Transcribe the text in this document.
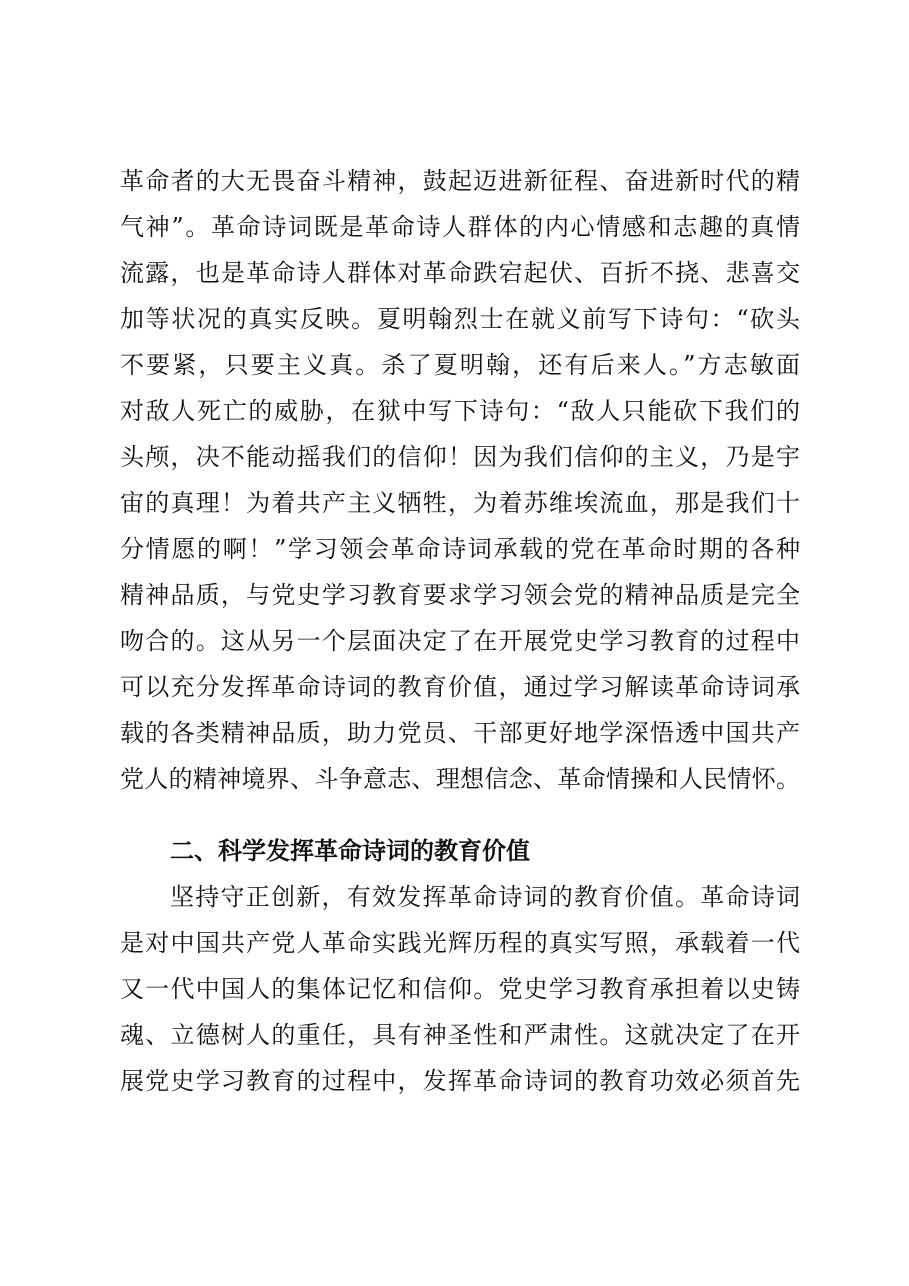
革命者的大无畏奋斗精神，鼓起迈进新征程、奋进新时代的精
气神”。革命诗词既是革命诗人群体的内心情感和志趣的真情
流露，也是革命诗人群体对革命跌宕起伏、百折不挠、悲喜交
加等状况的真实反映。夏明翰烈士在就义前写下诗句：“砍头
不要紧，只要主义真。杀了夏明翰，还有后来人。”方志敏面
对敌人死亡的威胁，在狱中写下诗句：“敌人只能砍下我们的
头颅，决不能动摇我们的信仰！因为我们信仰的主义，乃是宇
宙的真理！为着共产主义牺牲，为着苏维埃流血，那是我们十
分情愿的啊！”学习领会革命诗词承载的党在革命时期的各种
精神品质，与党史学习教育要求学习领会党的精神品质是完全
吻合的。这从另一个层面决定了在开展党史学习教育的过程中
可以充分发挥革命诗词的教育价值，通过学习解读革命诗词承
载的各类精神品质，助力党员、干部更好地学深悟透中国共产
党人的精神境界、斗争意志、理想信念、革命情操和人民情怀。
二、科学发挥革命诗词的教育价值
坚持守正创新，有效发挥革命诗词的教育价值。革命诗词
是对中国共产党人革命实践光辉历程的真实写照，承载着一代
又一代中国人的集体记忆和信仰。党史学习教育承担着以史铸
魂、立德树人的重任，具有神圣性和严肃性。这就决定了在开
展党史学习教育的过程中，发挥革命诗词的教育功效必须首先
